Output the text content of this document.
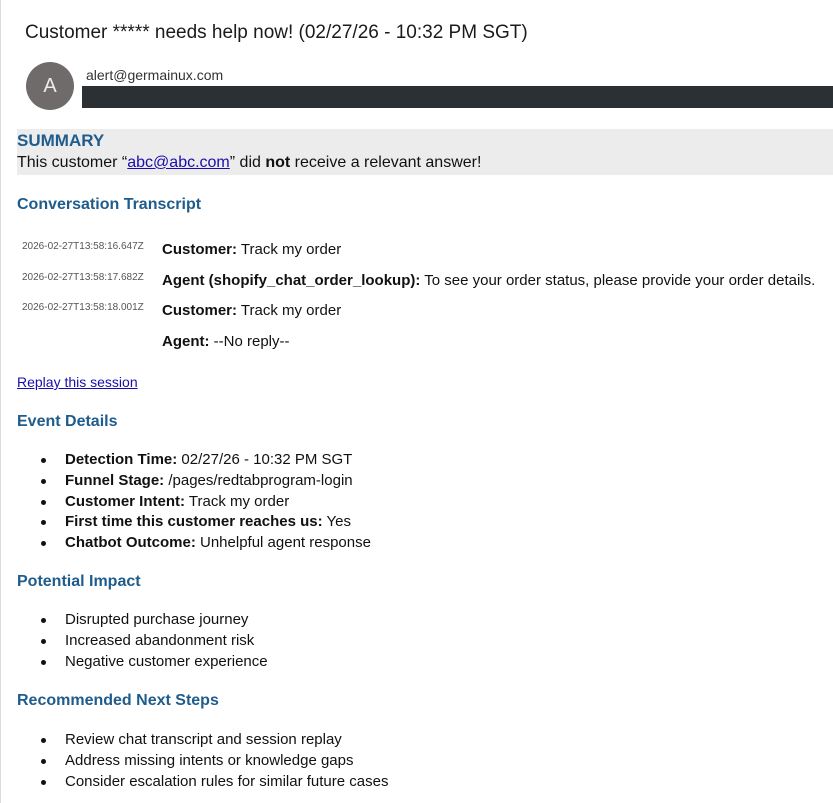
Customer ***** needs help now! (02/27/26 - 10:32 PM SGT)
A alert@germainux.com
SUMMARY
This customer “abc@abc.com” did not receive a relevant answer!
Conversation Transcript
2026-02-27T13:58:16.647Z Customer: Track my order
2026-02-27T13:58:17.682Z Agent (shopify_chat_order_lookup): To see your order status, please provide your order details.
2026-02-27T13:58:18.001Z Customer: Track my order
Agent: --No reply--
Replay this session
Event Details
Detection Time: 02/27/26 - 10:32 PM SGT
Funnel Stage: /pages/redtabprogram-login
Customer Intent: Track my order
First time this customer reaches us: Yes
Chatbot Outcome: Unhelpful agent response
Potential Impact
Disrupted purchase journey
Increased abandonment risk
Negative customer experience
Recommended Next Steps
Review chat transcript and session replay
Address missing intents or knowledge gaps
Consider escalation rules for similar future cases
